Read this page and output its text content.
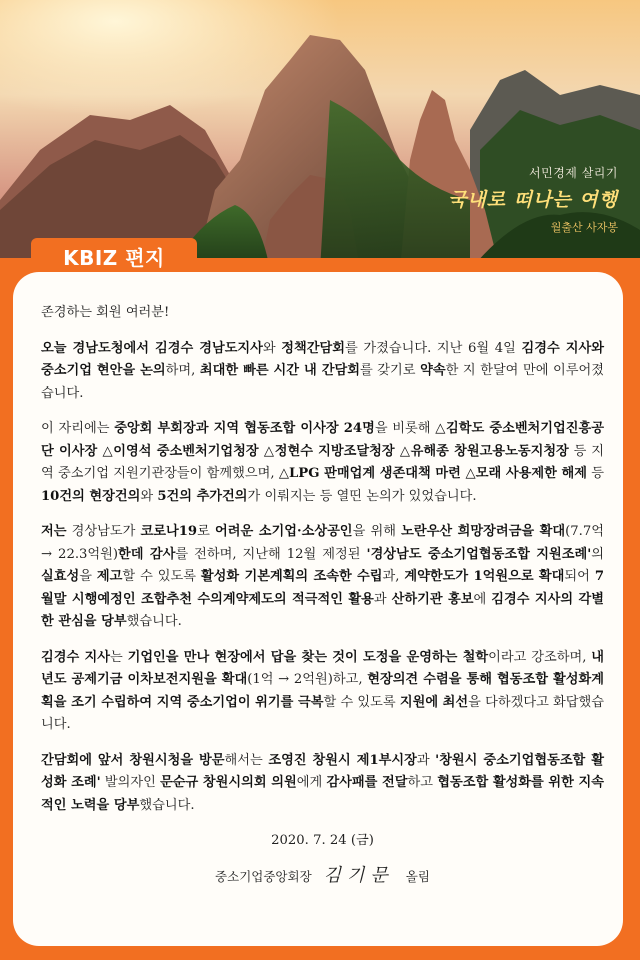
서민경제 살리기
국내로 떠나는 여행
월출산 사자봉
KBIZ 편지

존경하는 회원 여러분!

오늘 경남도청에서 김경수 경남도지사와 정책간담회를 가졌습니다. 지난 6월 4일 김경수 지사와 중소기업 현안을 논의하며, 최대한 빠른 시간 내 간담회를 갖기로 약속한 지 한달여 만에 이루어졌습니다.

이 자리에는 중앙회 부회장과 지역 협동조합 이사장 24명을 비롯해 △김학도 중소벤처기업진흥공단 이사장 △이영석 중소벤처기업청장 △정현수 지방조달청장 △유해종 창원고용노동지청장 등 지역 중소기업 지원기관장들이 함께했으며, △LPG 판매업계 생존대책 마련 △모래 사용제한 해제 등 10건의 현장건의와 5건의 추가건의가 이뤄지는 등 열띤 논의가 있었습니다.

저는 경상남도가 코로나19로 어려운 소기업·소상공인을 위해 노란우산 희망장려금을 확대(7.7억 → 22.3억원)한데 감사를 전하며, 지난해 12월 제정된 '경상남도 중소기업협동조합 지원조례'의 실효성을 제고할 수 있도록 활성화 기본계획의 조속한 수립과, 계약한도가 1억원으로 확대되어 7월말 시행예정인 조합추천 수의계약제도의 적극적인 활용과 산하기관 홍보에 김경수 지사의 각별한 관심을 당부했습니다.

김경수 지사는 기업인을 만나 현장에서 답을 찾는 것이 도정을 운영하는 철학이라고 강조하며, 내년도 공제기금 이차보전지원을 확대(1억 → 2억원)하고, 현장의견 수렴을 통해 협동조합 활성화계획을 조기 수립하여 지역 중소기업이 위기를 극복할 수 있도록 지원에 최선을 다하겠다고 화답했습니다.

간담회에 앞서 창원시청을 방문해서는 조영진 창원시 제1부시장과 '창원시 중소기업협동조합 활성화 조례' 발의자인 문순규 창원시의회 의원에게 감사패를 전달하고 협동조합 활성화를 위한 지속적인 노력을 당부했습니다.

2020. 7. 24 (금)
중소기업중앙회장 김기문 올림
